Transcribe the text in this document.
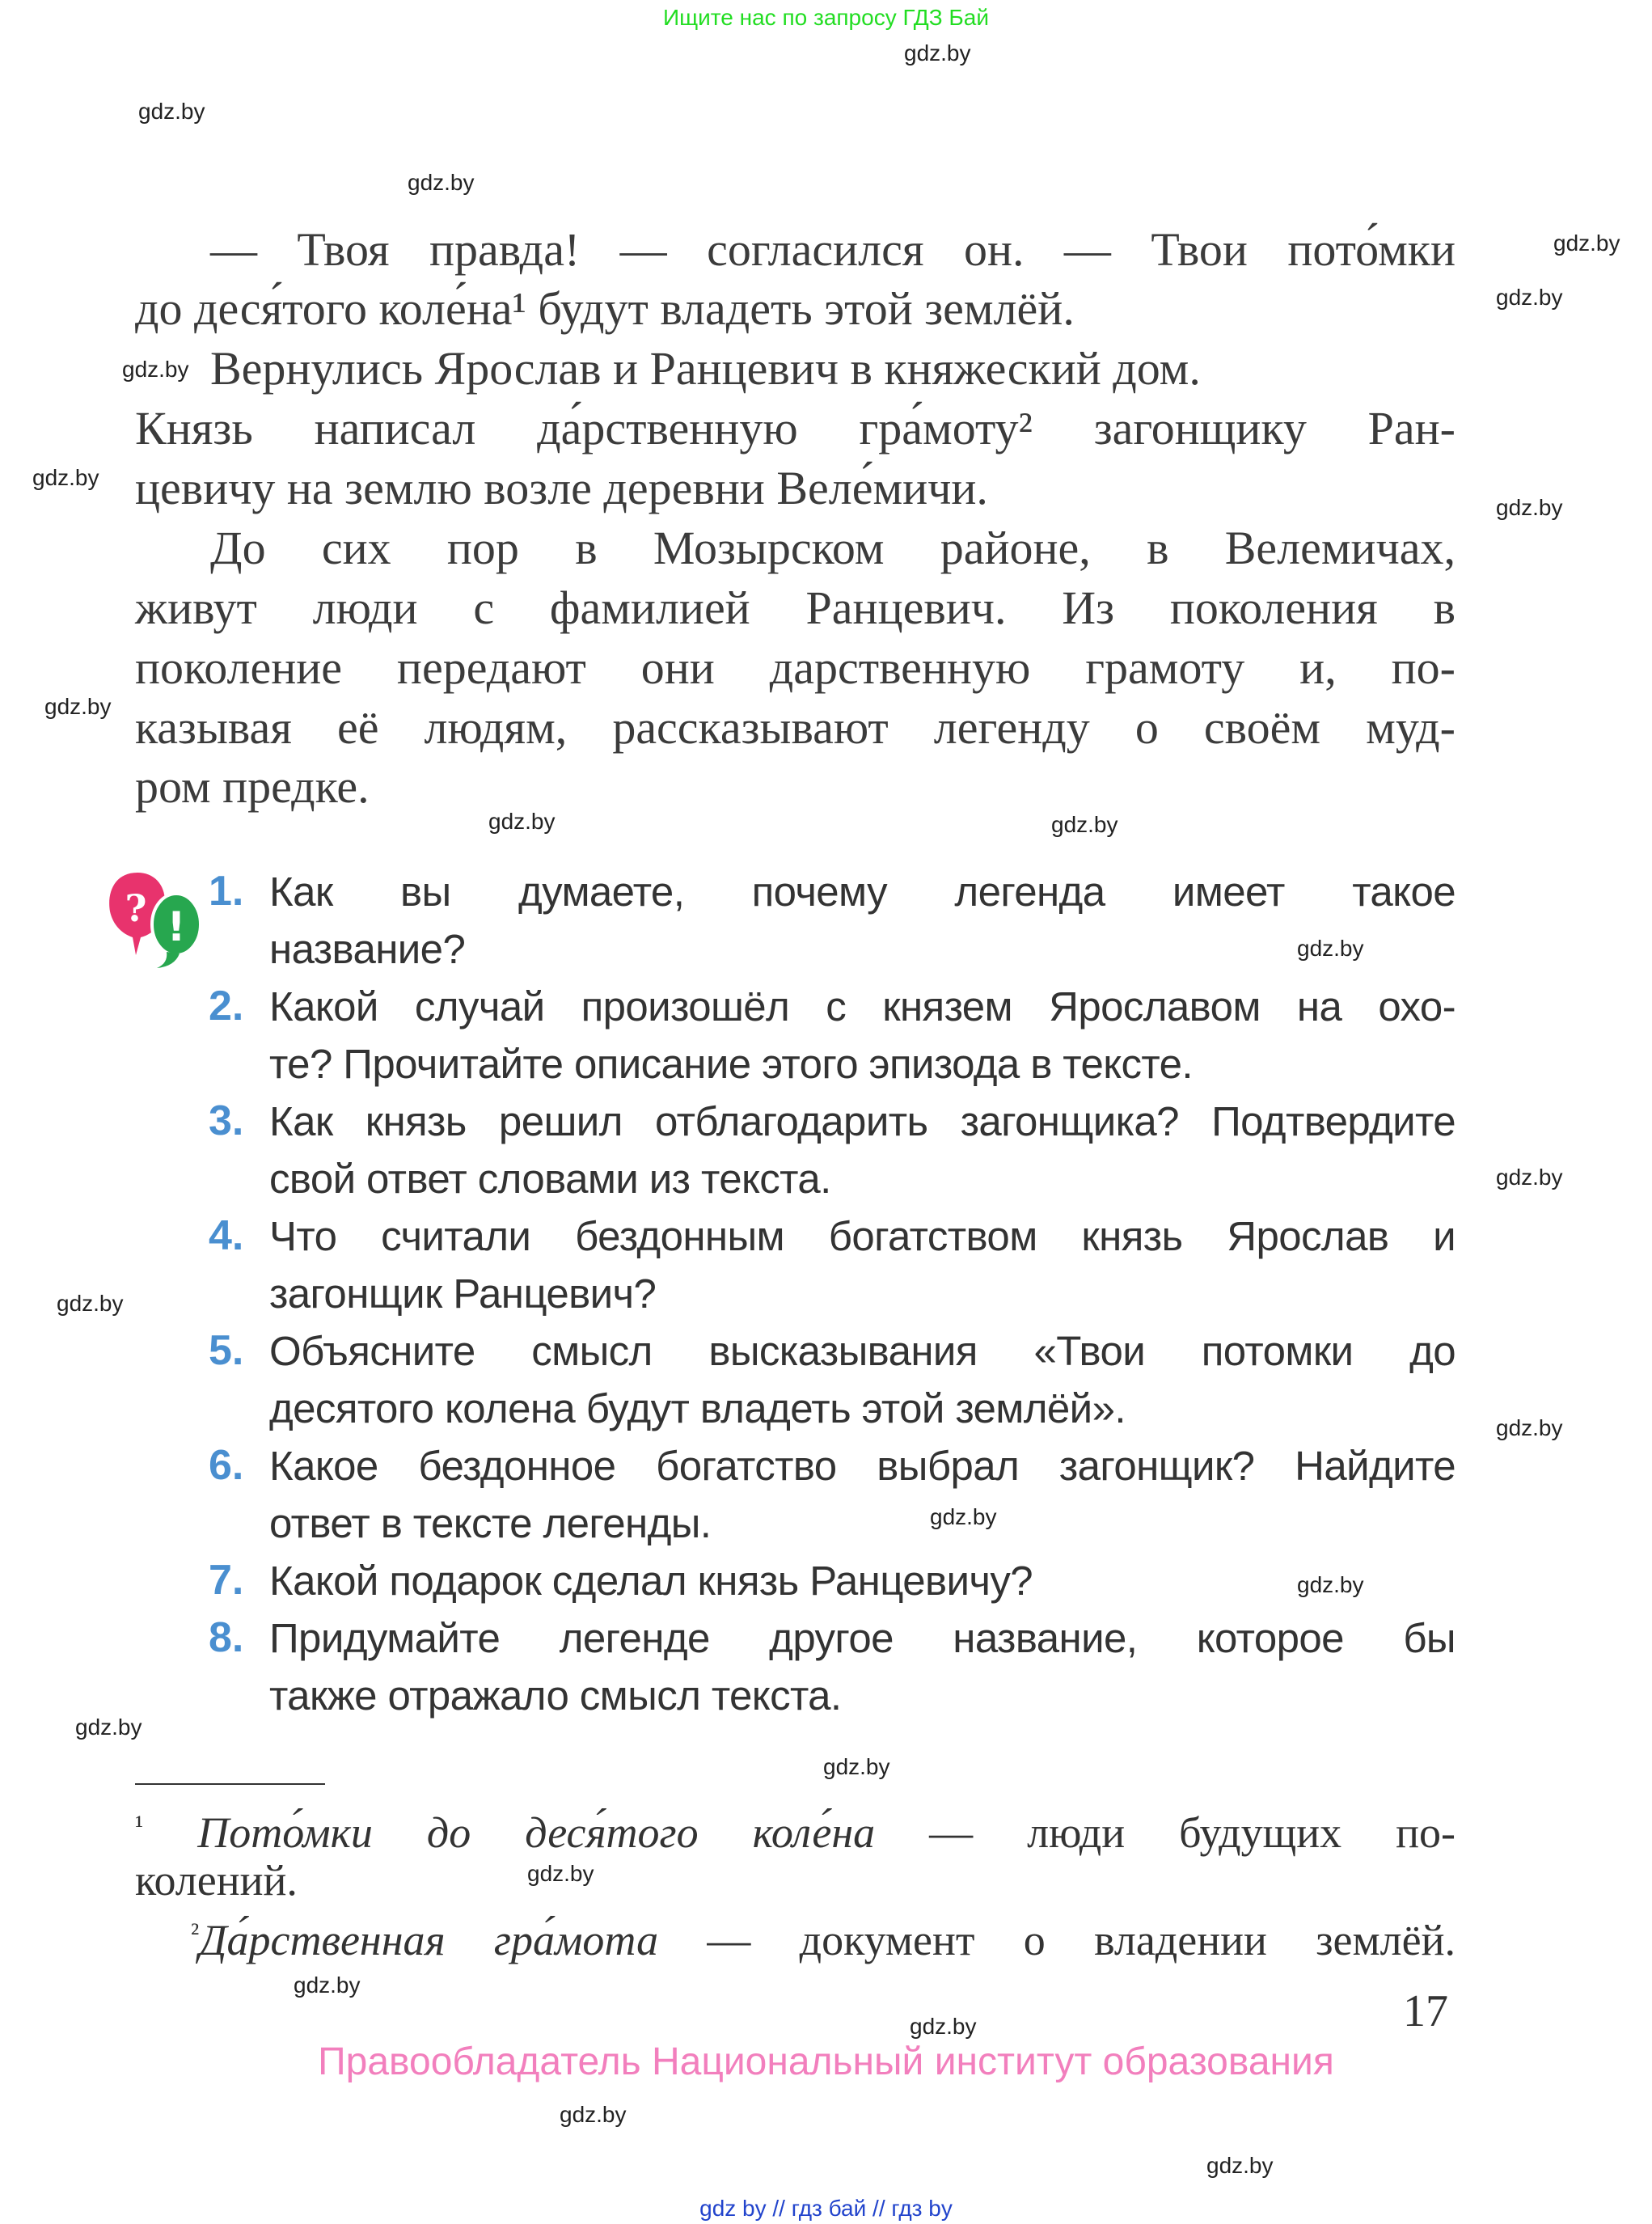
Ищите нас по запросу ГДЗ Бай
gdz.by
gdz.by
gdz.by
gdz.by
gdz.by
gdz.by
gdz.by
gdz.by
gdz.by
gdz.by	gdz.by
gdz.by
gdz.by
gdz.by
gdz.by
gdz.by
gdz.by
gdz.by
gdz.by
gdz.by
gdz.by
gdz.by
gdz.by
gdz.by
— Твоя правда! — согласился он. — Твои пото́мки
до деся́того коле́на¹ будут владеть этой землёй.
Вернулись Ярослав и Ранцевич в княжеский дом.
Князь написал да́рственную гра́моту² загонщику Ран-
цевичу на землю возле деревни Веле́мичи.
До сих пор в Мозырском районе, в Велемичах,
живут люди с фамилией Ранцевич. Из поколения в
поколение передают они дарственную грамоту и, по-
казывая её людям, рассказывают легенду о своём муд-
ром предке.
? !
1. Как вы думаете, почему легенда имеет такое
название?
2. Какой случай произошёл с князем Ярославом на охо-
те? Прочитайте описание этого эпизода в тексте.
3. Как князь решил отблагодарить загонщика? Подтвердите
свой ответ словами из текста.
4. Что считали бездонным богатством князь Ярослав и
загонщик Ранцевич?
5. Объясните смысл высказывания «Твои потомки до
десятого колена будут владеть этой землёй».
6. Какое бездонное богатство выбрал загонщик? Найдите
ответ в тексте легенды.
7. Какой подарок сделал князь Ранцевичу?
8. Придумайте легенде другое название, которое бы
также отражало смысл текста.
$^{^1}$ Пото́мки до деся́того коле́на — люди будущих по-
колений.
$^{^2}$Да́рственная гра́мота — документ о владении землёй.
17
Правообладатель Национальный институт образования
gdz by // гдз бай // гдз by
